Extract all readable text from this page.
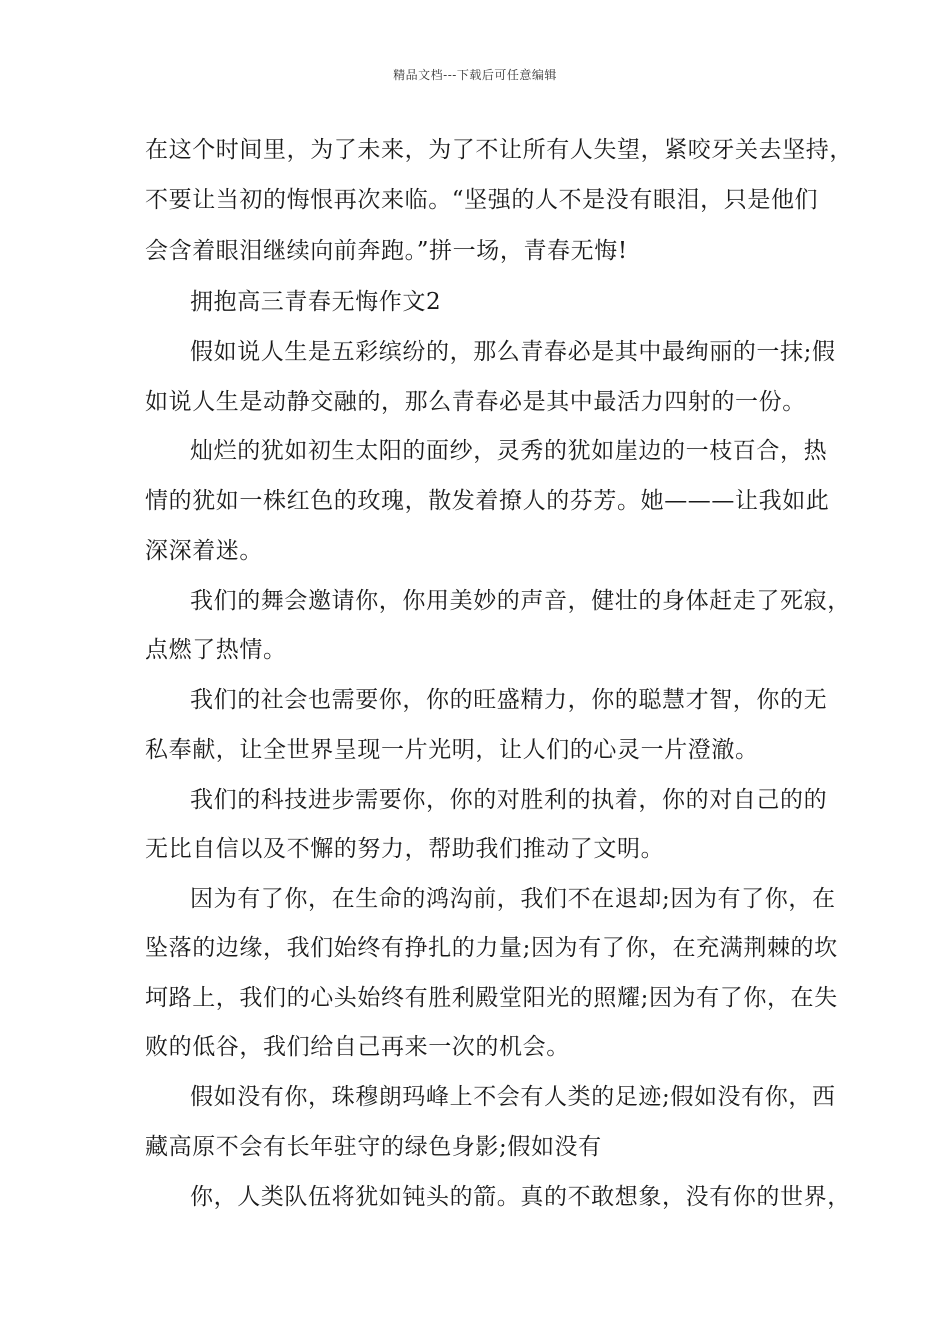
精品文档---下载后可任意编辑
在这个时间里，为了未来，为了不让所有人失望，紧咬牙关去坚持，
不要让当初的悔恨再次来临。“坚强的人不是没有眼泪，只是他们
会含着眼泪继续向前奔跑。”拼一场，青春无悔!
拥抱高三青春无悔作文2
假如说人生是五彩缤纷的，那么青春必是其中最绚丽的一抹;假
如说人生是动静交融的，那么青春必是其中最活力四射的一份。
灿烂的犹如初生太阳的面纱，灵秀的犹如崖边的一枝百合，热
情的犹如一株红色的玫瑰，散发着撩人的芬芳。她———让我如此
深深着迷。
我们的舞会邀请你，你用美妙的声音，健壮的身体赶走了死寂，
点燃了热情。
我们的社会也需要你，你的旺盛精力，你的聪慧才智，你的无
私奉献，让全世界呈现一片光明，让人们的心灵一片澄澈。
我们的科技进步需要你，你的对胜利的执着，你的对自己的的
无比自信以及不懈的努力，帮助我们推动了文明。
因为有了你，在生命的鸿沟前，我们不在退却;因为有了你，在
坠落的边缘，我们始终有挣扎的力量;因为有了你，在充满荆棘的坎
坷路上，我们的心头始终有胜利殿堂阳光的照耀;因为有了你，在失
败的低谷，我们给自己再来一次的机会。
假如没有你，珠穆朗玛峰上不会有人类的足迹;假如没有你，西
藏高原不会有长年驻守的绿色身影;假如没有
你，人类队伍将犹如钝头的箭。真的不敢想象，没有你的世界，
